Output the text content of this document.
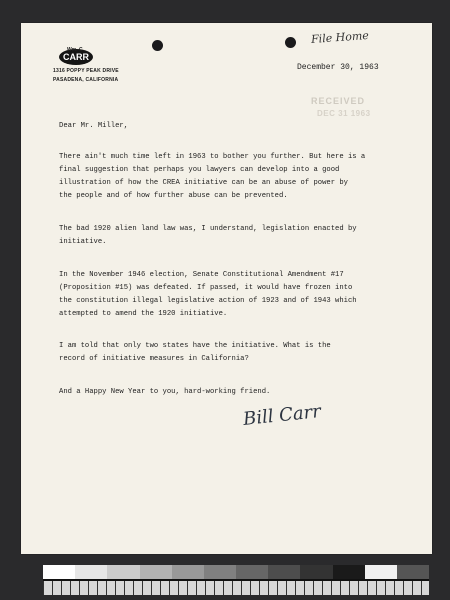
Wm. C.
CARR
1316 POPPY PEAK DRIVE
PASADENA, CALIFORNIA
File Home
December 30, 1963
RECEIVED
DEC 31 1963
Dear Mr. Miller,
There ain't much time left in 1963 to bother you further. But here is a
final suggestion that perhaps you lawyers can develop into a good
illustration of how the CREA initiative can be an abuse of power by
the people and of how further abuse can be prevented.
The bad 1920 alien land law was, I understand, legislation enacted by
initiative.
In the November 1946 election, Senate Constitutional Amendment #17
(Proposition #15) was defeated. If passed, it would have frozen into
the constitution illegal legislative action of 1923 and of 1943 which
attempted to amend the 1920 initiative.
I am told that only two states have the initiative. What is the
record of initiative measures in California?
And a Happy New Year to you, hard-working friend.
Bill Carr
